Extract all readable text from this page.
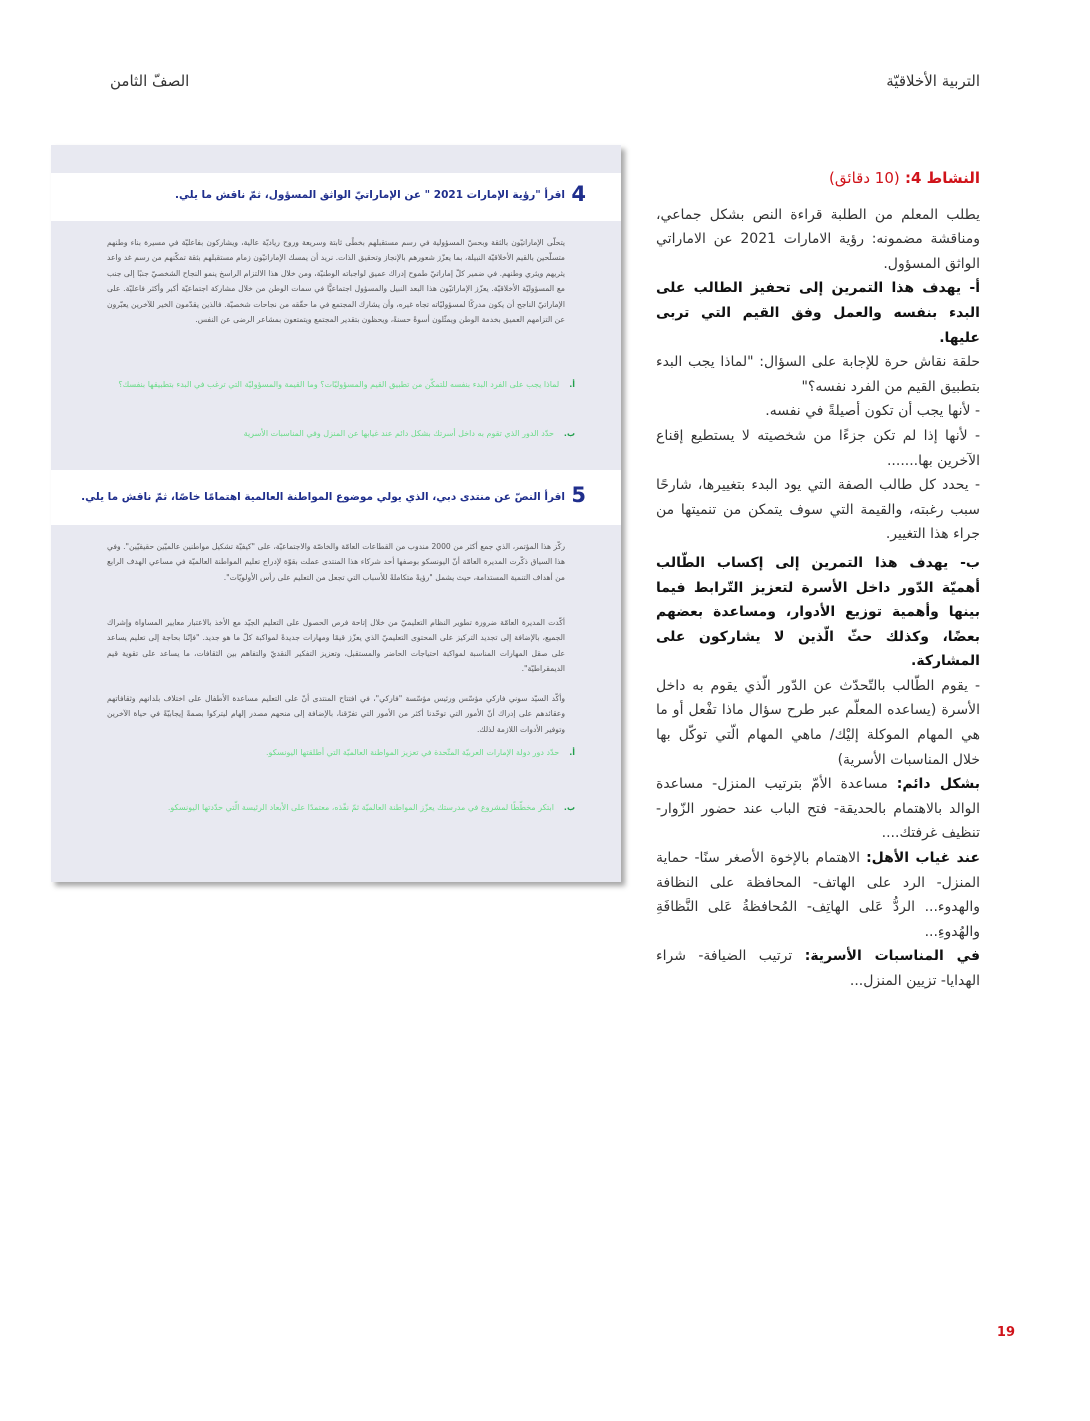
التربية الأخلاقيّة
الصفّ الثامن

النشاط 4: (10 دقائق)

يطلب المعلم من الطلبة قراءة النص بشكل جماعي، ومناقشة مضمونه: رؤية الامارات 2021 عن الاماراتي الواثق المسؤول.

أ- يهدف هذا التمرين إلى تحفيز الطالب على البدء بنفسه والعمل وفق القيم التي تربى عليها.

حلقة نقاش حرة للإجابة على السؤال: "لماذا يجب البدء بتطبيق القيم من الفرد نفسه؟"

- لأنها يجب أن تكون أصيلةً في نفسه.

- لأنها إذا لم تكن جزءًا من شخصيته لا يستطيع إقناع الآخرين بها.......

- يحدد كل طالب الصفة التي يود البدء بتغييرها، شارحًا سبب رغبته، والقيمة التي سوف يتمكن من تنميتها من جراء هذا التغيير.

ب- يهدف هذا التمرين إلى إكساب الطّالب أهميّة الدّور داخل الأسرة لتعزيز التّرابط فيما بينها وأهمية توزيع الأدوار، ومساعدة بعضهم بعضًا، وكذلك حثّ الّذين لا يشاركون على المشاركة.

- يقوم الطّالب بالتّحدّث عن الدّور الّذي يقوم به داخل الأسرة (يساعده المعلّم عبر طرح سؤال ماذا تفْعل أو ما هي المهام الموكلة إليْك/ ماهي المهام الّتي توكّل بها خلال المناسبات الأسرية)

بشكل دائم: مساعدة الأمّ بترتيب المنزل- مساعدة الوالد بالاهتمام بالحديقة- فتح الباب عند حضور الزّوار- تنظيف غرفتك....

عند غياب الأهل: الاهتمام بالإخوة الأصغر سنًا- حماية المنزل- الرد على الهاتف- المحافظة على النظافة والهدوء... الردُّ عَلى الهاتِف- المُحافظةُ عَلى النَّظافَةِ والهُدوءِ...

في المناسبات الأسرية: ترتيب الضيافة- شراء الهدايا- تزيين المنزل...

4
اقرأ "رؤية الإمارات 2021 " عن الإماراتيّ الواثق المسؤول، ثمّ ناقش ما يلي.

يتحلّى الإماراتيّون بالثقة وبحسّ المسؤولية في رسم مستقبلهم بخطًى ثابتة وسريعة وروح رياديّة عالية، ويشاركون بفاعليّة في مسيرة بناء وطنهم متسلّحين بالقيم الأخلاقيّة النبيلة، بما يعزّز شعورهم بالإنجاز وتحقيق الذات. نريد أن يمسك الإماراتيّون زمام مستقبلهم بثقة تمكّنهم من رسم غد واعد يثريهم ويثري وطنهم. في ضمير كلّ إماراتيّ طموح إدراك عميق لواجباته الوطنيّة، ومن خلال هذا الالتزام الراسخ ينمو النجاح الشخصيّ جنبًا إلى جنب مع المسؤوليّة الأخلاقيّة. يعزّز الإماراتيّون هذا البعد النبيل والمسؤول اجتماعيًّا في سمات الوطن من خلال مشاركة اجتماعيّة أكبر وأكثر فاعليّة. على الإماراتيّ الناجح أن يكون مدركًا لمسؤوليّاته تجاه غيره، وأن يشارك المجتمع في ما حقّقه من نجاحات شخصيّة. فالذين يقدّمون الخير للآخرين يعبّرون عن التزامهم العميق بخدمة الوطن ويمثّلون أسوةً حسنةً، ويحظون بتقدير المجتمع ويتمتعون بمشاعر الرضى عن النفس.

أ.لماذا يجب على الفرد البدء بنفسه للتمكّن من تطبيق القيم والمسؤوليّات؟ وما القيمة والمسؤوليّة التي ترغب في البدء بتطبيقها بنفسك؟
ب.حدّد الدور الذي تقوم به داخل أسرتك بشكل دائم عند غيابها عن المنزل وفي المناسبات الأسرية
5
اقرأ النصّ عن منتدى دبي، الذي يولي موضوع المواطنة العالمية اهتمامًا خاصًا، ثمّ ناقش ما يلي.

ركّز هذا المؤتمر، الذي جمع أكثر من 2000 مندوب من القطاعات العامّة والخاصّة والاجتماعيّة، على "كيفيّة تشكيل مواطنين عالميّين حقيقيّين". وفي هذا السياق ذكّرت المديرة العامّة أنّ اليونسكو بوصفها أحد شركاء هذا المنتدى عملت بقوّة لإدراج تعليم المواطنة العالميّة في مساعي الهدف الرابع من أهداف التنمية المستدامة، حيث يشمل "رؤيةً متكاملةً للأسباب التي تجعل من التعليم على رأس الأولويّات".

أكّدت المديرة العامّة ضرورة تطوير النظام التعليميّ من خلال إتاحة فرص الحصول على التعليم الجيّد مع الأخذ بالاعتبار معايير المساواة وإشراك الجميع، بالإضافة إلى تجديد التركيز على المحتوى التعليميّ الذي يعزّز قيمًا ومهارات جديدةً لمواكبة كلّ ما هو جديد. "فإنّنا بحاجة إلى تعليم يساعد على صقل المهارات المناسبة لمواكبة احتياجات الحاضر والمستقبل، وتعزيز التفكير النقديّ والتفاهم بين الثقافات، ما يساعد على تقوية قيم الديمقراطيّة".

وأكّد السيّد سوني فاركي مؤسّس ورئيس مؤسّسة "فاركي"، في افتتاح المنتدى أنّ على التعليم مساعدة الأطفال على اختلاف بلدانهم وثقافاتهم وعقائدهم على إدراك أنّ الأمور التي توحّدنا أكثر من الأمور التي تفرّقنا، بالإضافة إلى منحهم مصدر إلهام ليتركوا بصمةً إيجابيّةً في حياة الآخرين وتوفير الأدوات اللازمة لذلك.

أ.حدّد دور دولة الإمارات العربيّة المتّحدة في تعزيز المواطنة العالميّة التي أطلقتها اليونسكو.
ب.ابتكر مخطّطًا لمشروع في مدرستك يعزّز المواطنة العالميّة ثمّ نفّذه، معتمدًا على الأبعاد الرئيسة الّتي حدّدتها اليونسكو.
19
